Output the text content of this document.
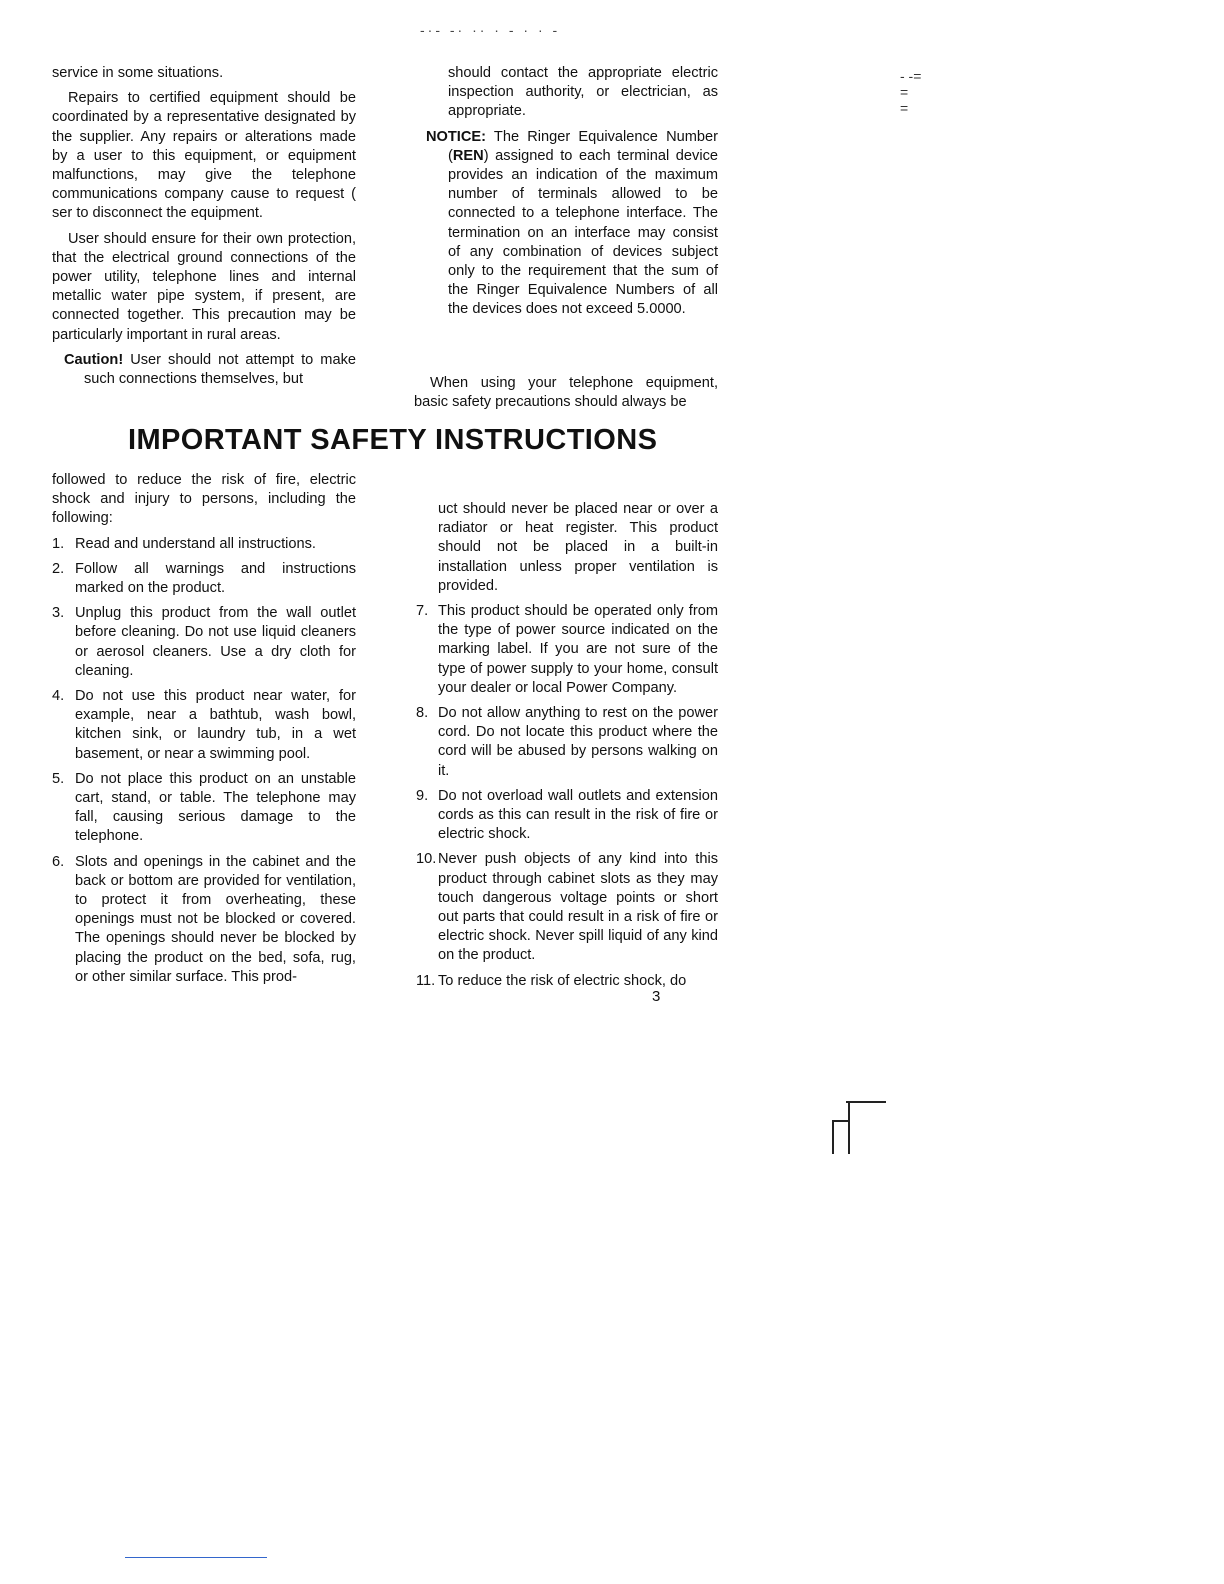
-·- -· ·· · - · · -
- -=
=
=

service in some situations.

Repairs to certified equipment should be coordinated by a representative designated by the supplier. Any repairs or alterations made by a user to this equipment, or equipment malfunctions, may give the telephone communications company cause to request ( ser to disconnect the equipment.

User should ensure for their own protection, that the electrical ground connections of the power utility, telephone lines and internal metallic water pipe system, if present, are connected together. This precaution may be particularly important in rural areas.

Caution! User should not attempt to make such connections themselves, but

should contact the appropriate electric inspection authority, or electrician, as appropriate.

NOTICE: The Ringer Equivalence Number (REN) assigned to each terminal device provides an indication of the maximum number of terminals allowed to be connected to a telephone interface. The termination on an interface may consist of any combination of devices subject only to the requirement that the sum of the Ringer Equivalence Numbers of all the devices does not exceed 5.0000.

When using your telephone equipment, basic safety precautions should always be

IMPORTANT SAFETY INSTRUCTIONS

followed to reduce the risk of fire, electric shock and injury to persons, including the following:

1. Read and understand all instructions.
2. Follow all warnings and instructions marked on the product.
3. Unplug this product from the wall outlet before cleaning. Do not use liquid cleaners or aerosol cleaners. Use a dry cloth for cleaning.
4. Do not use this product near water, for example, near a bathtub, wash bowl, kitchen sink, or laundry tub, in a wet basement, or near a swimming pool.
5. Do not place this product on an unstable cart, stand, or table. The telephone may fall, causing serious damage to the telephone.
6. Slots and openings in the cabinet and the back or bottom are provided for ventilation, to protect it from overheating, these openings must not be blocked or covered. The openings should never be blocked by placing the product on the bed, sofa, rug, or other similar surface. This prod-

uct should never be placed near or over a radiator or heat register. This product should not be placed in a built-in installation unless proper ventilation is provided.

7. This product should be operated only from the type of power source indicated on the marking label. If you are not sure of the type of power supply to your home, consult your dealer or local Power Company.
8. Do not allow anything to rest on the power cord. Do not locate this product where the cord will be abused by persons walking on it.
9. Do not overload wall outlets and extension cords as this can result in the risk of fire or electric shock.
10. Never push objects of any kind into this product through cabinet slots as they may touch dangerous voltage points or short out parts that could result in a risk of fire or electric shock. Never spill liquid of any kind on the product.
11. To reduce the risk of electric shock, do
3
